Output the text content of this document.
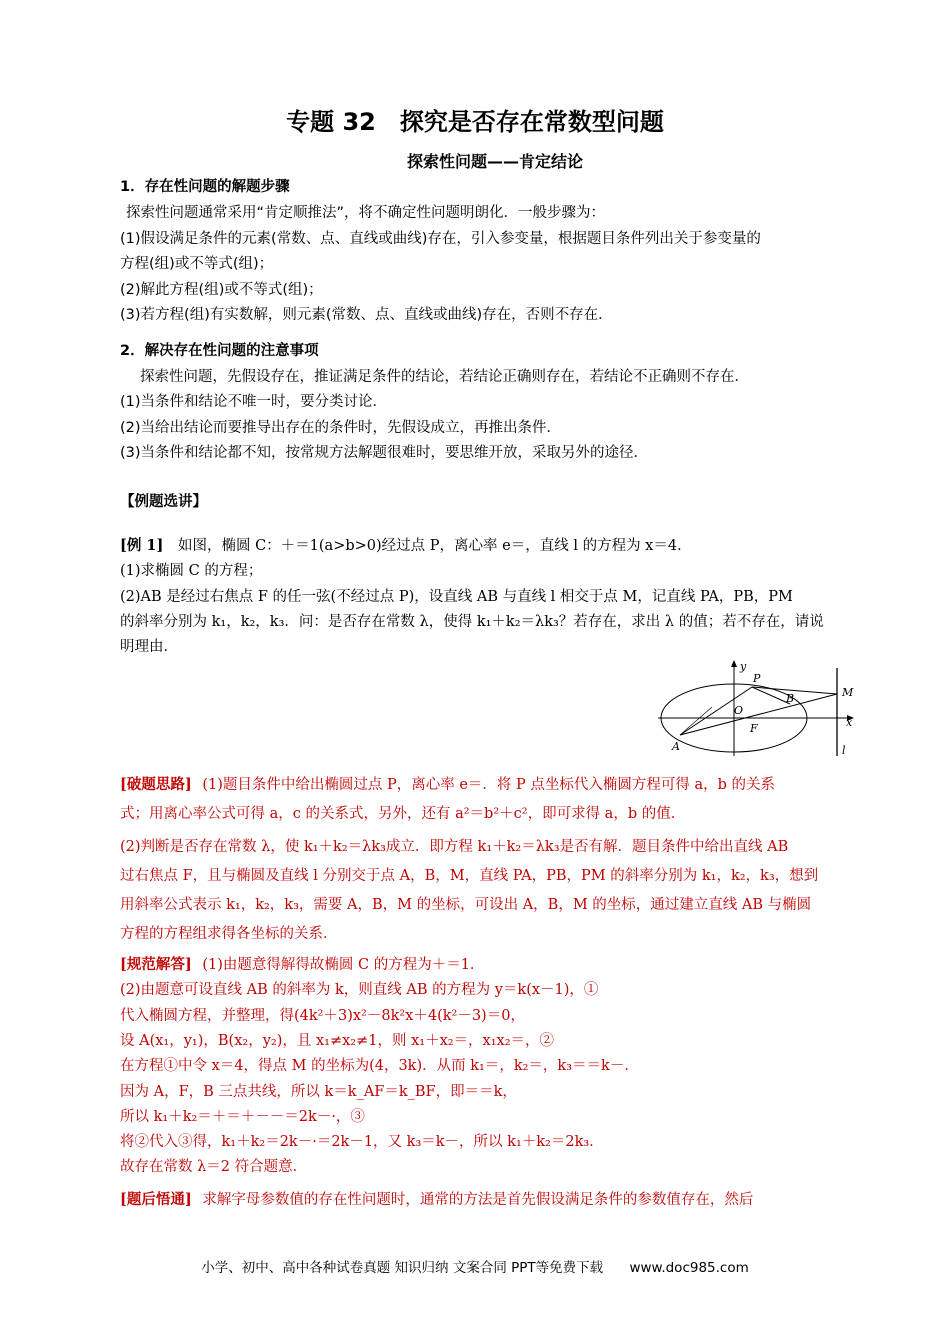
专题 32　探究是否存在常数型问题
探索性问题——肯定结论
1．存在性问题的解题步骤
探索性问题通常采用“肯定顺推法”，将不确定性问题明朗化．一般步骤为：
(1)假设满足条件的元素(常数、点、直线或曲线)存在，引入参变量，根据题目条件列出关于参变量的
方程(组)或不等式(组)；
(2)解此方程(组)或不等式(组)；
(3)若方程(组)有实数解，则元素(常数、点、直线或曲线)存在，否则不存在．
2．解决存在性问题的注意事项
探索性问题，先假设存在，推证满足条件的结论，若结论正确则存在，若结论不正确则不存在．
(1)当条件和结论不唯一时，要分类讨论．
(2)当给出结论而要推导出存在的条件时，先假设成立，再推出条件．
(3)当条件和结论都不知，按常规方法解题很难时，要思维开放，采取另外的途径．
【例题选讲】
[例 1] 如图，椭圆 C：＋＝1(a>b>0)经过点 P，离心率 e＝，直线 l 的方程为 x＝4．
(1)求椭圆 C 的方程；
(2)AB 是经过右焦点 F 的任一弦(不经过点 P)，设直线 AB 与直线 l 相交于点 M，记直线 PA，PB，PM
的斜率分别为 k₁，k₂，k₃．问：是否存在常数 λ，使得 k₁＋k₂＝λk₃？若存在，求出 λ 的值；若不存在，请说
明理由．
y
P
M
B
O
F	x
A	l
[破题思路] (1)题目条件中给出椭圆过点 P，离心率 e＝．将 P 点坐标代入椭圆方程可得 a，b 的关系
式；用离心率公式可得 a，c 的关系式，另外，还有 a²＝b²＋c²，即可求得 a，b 的值．
(2)判断是否存在常数 λ，使 k₁＋k₂＝λk₃成立．即方程 k₁＋k₂＝λk₃是否有解．题目条件中给出直线 AB
过右焦点 F，且与椭圆及直线 l 分别交于点 A，B，M，直线 PA，PB，PM 的斜率分别为 k₁，k₂，k₃，想到
用斜率公式表示 k₁，k₂，k₃，需要 A，B，M 的坐标，可设出 A，B，M 的坐标，通过建立直线 AB 与椭圆
方程的方程组求得各坐标的关系．
[规范解答] (1)由题意得解得故椭圆 C 的方程为＋＝1．
(2)由题意可设直线 AB 的斜率为 k，则直线 AB 的方程为 y＝k(x－1)，①
代入椭圆方程，并整理，得(4k²＋3)x²－8k²x＋4(k²－3)＝0，
设 A(x₁，y₁)，B(x₂，y₂)，且 x₁≠x₂≠1，则 x₁＋x₂＝，x₁x₂＝，②
在方程①中令 x＝4，得点 M 的坐标为(4，3k)．从而 k₁＝，k₂＝，k₃＝＝k－．
因为 A，F，B 三点共线，所以 k＝k_AF＝k_BF，即＝＝k，
所以 k₁＋k₂＝＋＝＋－－＝2k－·，③
将②代入③得，k₁＋k₂＝2k－·＝2k－1，又 k₃＝k－，所以 k₁＋k₂＝2k₃．
故存在常数 λ＝2 符合题意．
[题后悟通] 求解字母参数值的存在性问题时，通常的方法是首先假设满足条件的参数值存在，然后
小学、初中、高中各种试卷真题 知识归纳 文案合同 PPT等免费下载 www.doc985.com
